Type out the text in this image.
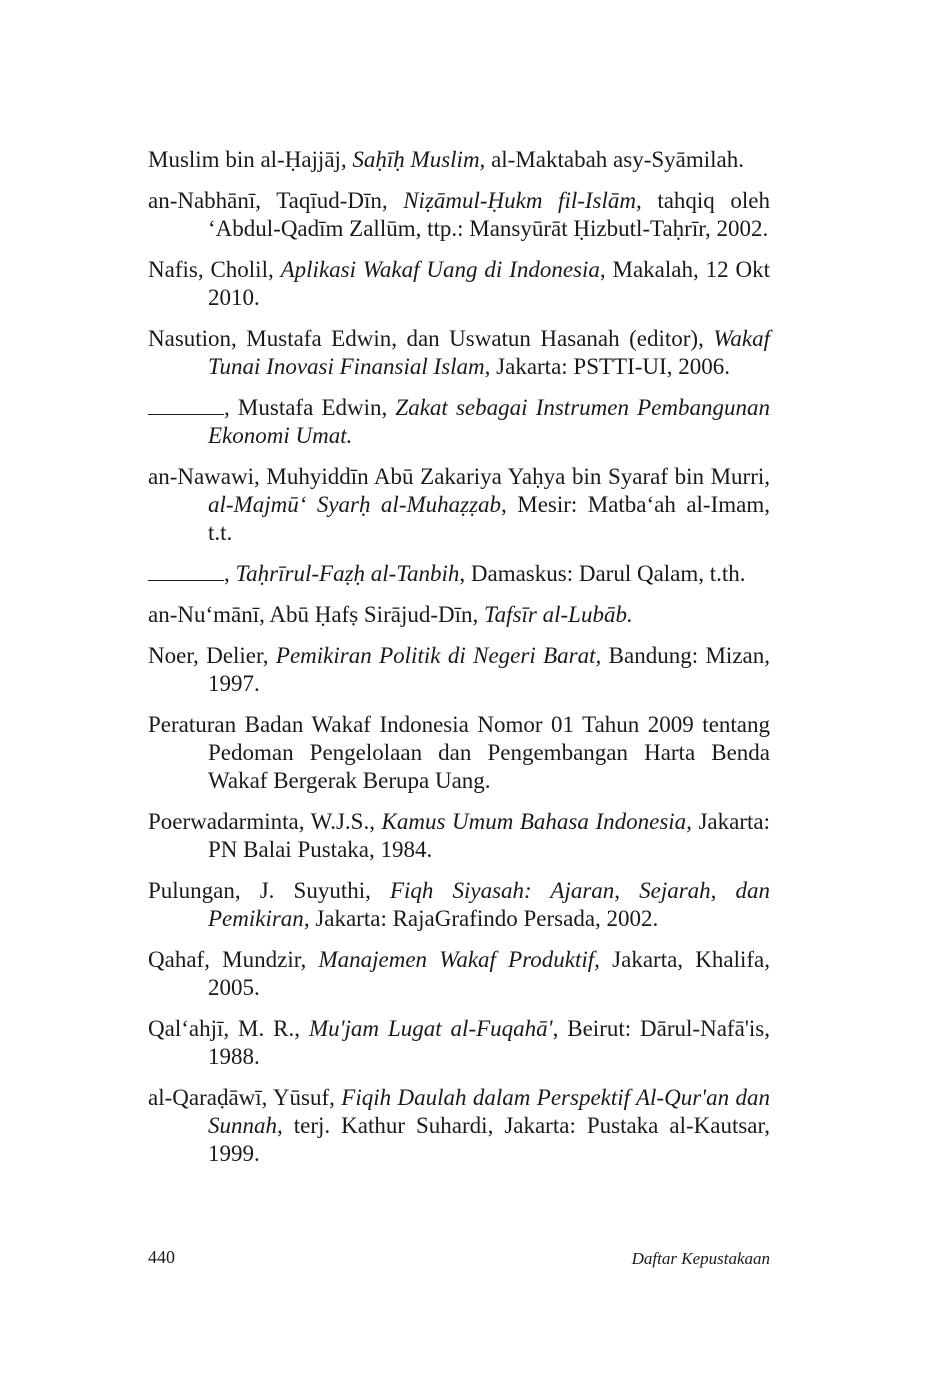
Muslim bin al-Ḥajjāj, Saḥīḥ Muslim, al-Maktabah asy-Syāmilah.

an-Nabhānī, Taqīud-Dīn, Niẓāmul-Ḥukm fil-Islām, tahqiq oleh ‘Abdul-Qadīm Zallūm, ttp.: Mansyūrāt Ḥizbutl-Taḥrīr, 2002.

Nafis, Cholil, Aplikasi Wakaf Uang di Indonesia, Makalah, 12 Okt 2010.

Nasution, Mustafa Edwin, dan Uswatun Hasanah (editor), Wakaf Tunai Inovasi Finansial Islam, Jakarta: PSTTI-UI, 2006.

, Mustafa Edwin, Zakat sebagai Instrumen Pembangunan Ekonomi Umat.

an-Nawawi, Muhyiddīn Abū Zakariya Yaḥya bin Syaraf bin Murri, al-Majmū‘ Syarḥ al-Muhaẓẓab, Mesir: Matba‘ah al-Imam, t.t.

, Taḥrīrul-Faẓḥ al-Tanbih, Damaskus: Darul Qalam, t.th.

an-Nu‘mānī, Abū Ḥafṣ Sirājud-Dīn, Tafsīr al-Lubāb.

Noer, Delier, Pemikiran Politik di Negeri Barat, Bandung: Mizan, 1997.

Peraturan Badan Wakaf Indonesia Nomor 01 Tahun 2009 tentang Pedoman Pengelolaan dan Pengembangan Harta Benda Wakaf Bergerak Berupa Uang.

Poerwadarminta, W.J.S., Kamus Umum Bahasa Indonesia, Jakarta: PN Balai Pustaka, 1984.

Pulungan, J. Suyuthi, Fiqh Siyasah: Ajaran, Sejarah, dan Pemikiran, Jakarta: RajaGrafindo Persada, 2002.

Qahaf, Mundzir, Manajemen Wakaf Produktif, Jakarta, Khalifa, 2005.

Qal‘ahjī, M. R., Mu'jam Lugat al-Fuqahā', Beirut: Dārul-Nafā'is, 1988.

al-Qaraḍāwī, Yūsuf, Fiqih Daulah dalam Perspektif Al-Qur'an dan Sunnah, terj. Kathur Suhardi, Jakarta: Pustaka al-Kautsar, 1999.

440	Daftar Kepustakaan
